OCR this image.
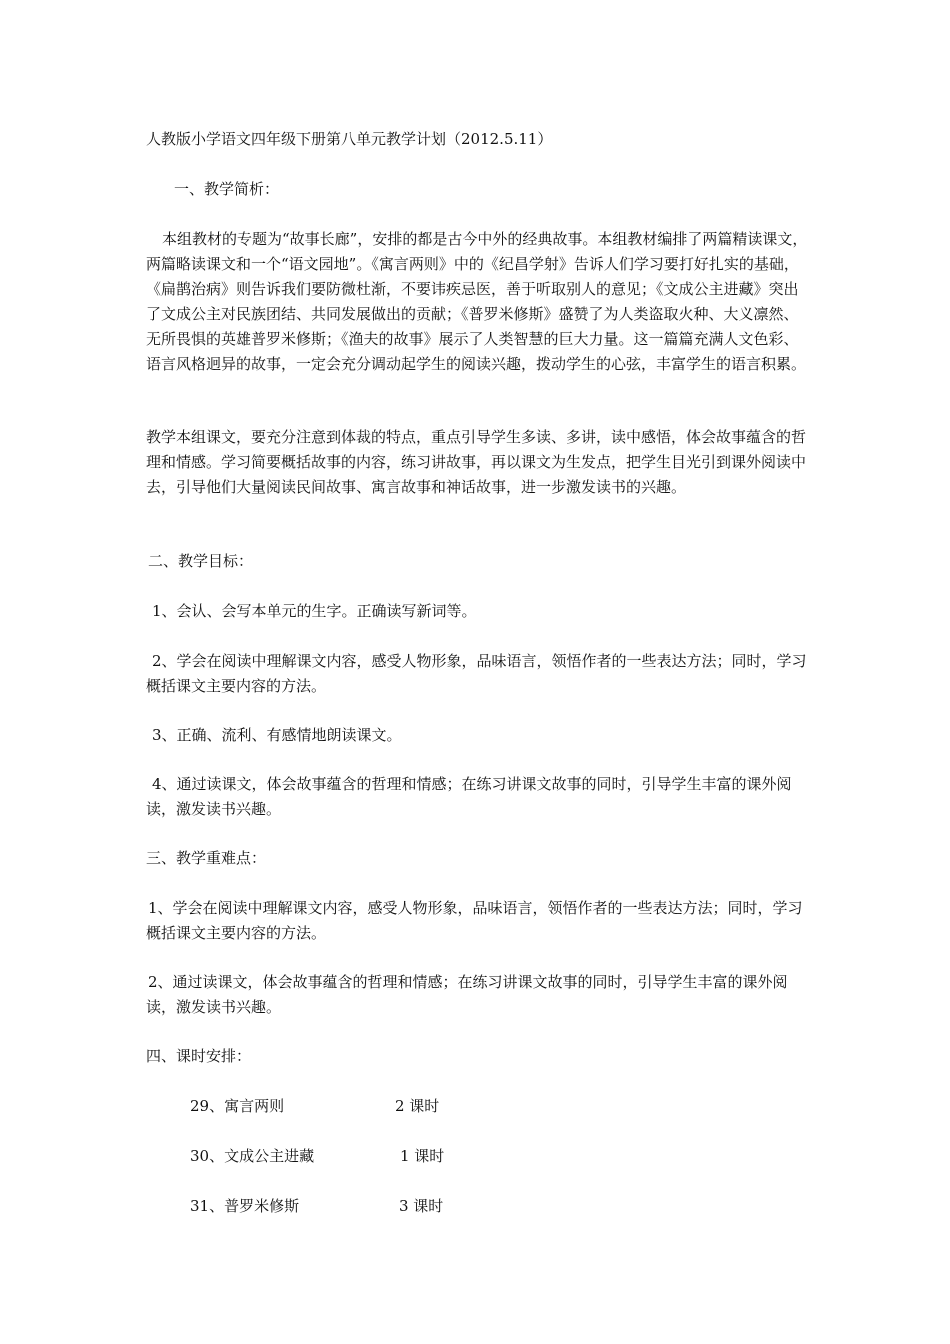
人教版小学语文四年级下册第八单元教学计划（2012.5.11）
一、教学简析：
本组教材的专题为“故事长廊”，安排的都是古今中外的经典故事。本组教材编排了两篇精读课文，两篇略读课文和一个“语文园地”。《寓言两则》中的《纪昌学射》告诉人们学习要打好扎实的基础，《扁鹊治病》则告诉我们要防微杜渐，不要讳疾忌医，善于听取别人的意见；《文成公主进藏》突出了文成公主对民族团结、共同发展做出的贡献；《普罗米修斯》盛赞了为人类盗取火种、大义凛然、无所畏惧的英雄普罗米修斯；《渔夫的故事》展示了人类智慧的巨大力量。这一篇篇充满人文色彩、语言风格迥异的故事，一定会充分调动起学生的阅读兴趣，拨动学生的心弦，丰富学生的语言积累。
教学本组课文，要充分注意到体裁的特点，重点引导学生多读、多讲，读中感悟，体会故事蕴含的哲理和情感。学习简要概括故事的内容，练习讲故事，再以课文为生发点，把学生目光引到课外阅读中去，引导他们大量阅读民间故事、寓言故事和神话故事，进一步激发读书的兴趣。
二、教学目标：
1、会认、会写本单元的生字。正确读写新词等。
2、学会在阅读中理解课文内容，感受人物形象，品味语言，领悟作者的一些表达方法；同时，学习概括课文主要内容的方法。
3、正确、流利、有感情地朗读课文。
4、通过读课文，体会故事蕴含的哲理和情感；在练习讲课文故事的同时，引导学生丰富的课外阅读，激发读书兴趣。
三、教学重难点：
1、学会在阅读中理解课文内容，感受人物形象，品味语言，领悟作者的一些表达方法；同时，学习概括课文主要内容的方法。
2、通过读课文，体会故事蕴含的哲理和情感；在练习讲课文故事的同时，引导学生丰富的课外阅读，激发读书兴趣。
四、课时安排：
29、寓言两则	2 课时
30、文成公主进藏	1 课时
31、普罗米修斯	3 课时
